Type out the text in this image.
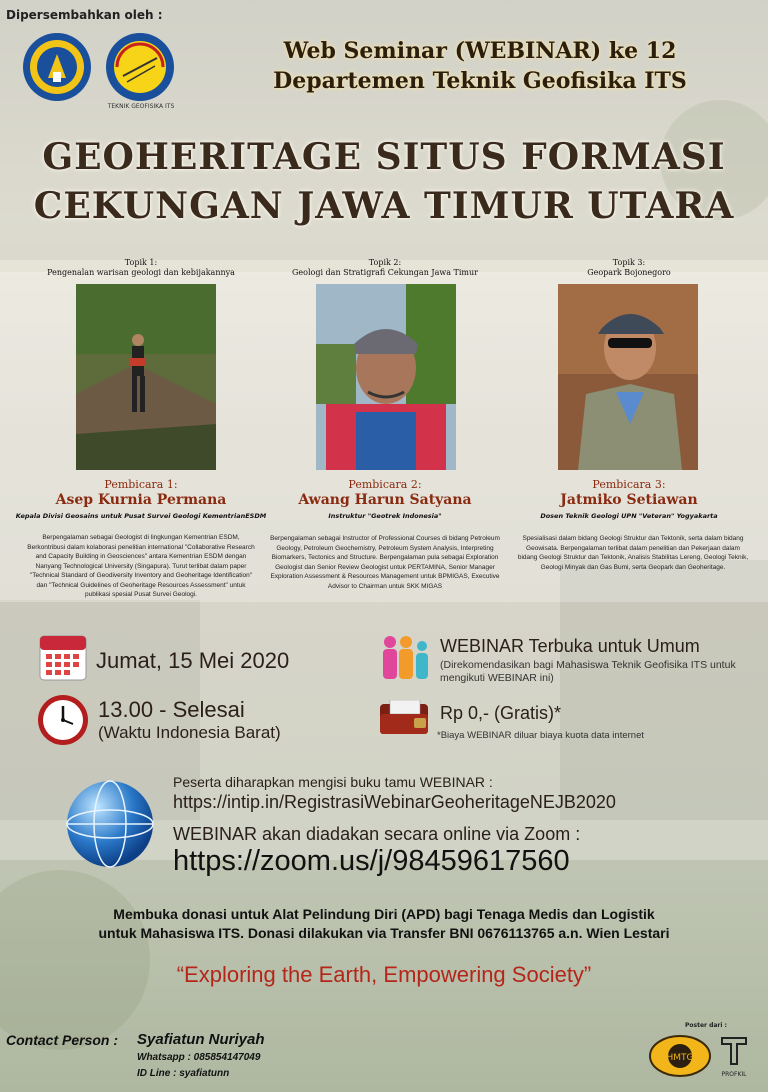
Dipersembahkan oleh :
TEKNIK GEOFISIKA ITS
Web Seminar (WEBINAR) ke 12
Departemen Teknik Geofisika ITS
GEOHERITAGE SITUS FORMASI
CEKUNGAN JAWA TIMUR UTARA
Topik 1:
Pengenalan warisan geologi dan kebijakannya
Pembicara 1:
Asep Kurnia Permana
Kepala Divisi Geosains untuk Pusat Survei Geologi KementrianESDM
Berpengalaman sebagai Geologist di lingkungan Kementrian ESDM, Berkontribusi dalam kolaborasi penelitian international "Collaborative Research and Capacity Building in Geosciences" antara Kementrian ESDM dengan Nanyang Technological University (Singapura). Turut terlibat dalam paper "Technical Standard of Geodiversity Inventory and Geoheritage Identification" dan "Technical Guidelines of Geoheritage Resources Assessment" untuk publikasi spesial Pusat Survei Geologi.
Topik 2:
Geologi dan Stratigrafi Cekungan Jawa Timur
Pembicara 2:
Awang Harun Satyana
Instruktur "Geotrek Indonesia"
Berpengalaman sebagai Instructor of Professional Courses di bidang Petroleum Geology, Petroleum Geochemistry, Petroleum System Analysis, Interpreting Biomarkers, Tectonics and Structure. Berpengalaman pula sebagai Exploration Geologist dan Senior Review Geologist untuk PERTAMINA, Senior Manager Exploration Assessment & Resources Management untuk BPMIGAS, Executive Advisor to Chairman untuk SKK MIGAS
Topik 3:
Geopark Bojonegoro
Pembicara 3:
Jatmiko Setiawan
Dosen Teknik Geologi UPN "Veteran" Yogyakarta
Spesialisasi dalam bidang Geologi Struktur dan Tektonik, serta dalam bidang Geowisata. Berpengalaman terlibat dalam penelitian dan Pekerjaan dalam bidang Geologi Struktur dan Tektonik, Analisis Stabilitas Lereng, Geologi Teknik, Geologi Minyak dan Gas Bumi, serta Geopark dan Geoheritage.
Jumat, 15 Mei 2020
13.00 - Selesai
(Waktu Indonesia Barat)
WEBINAR Terbuka untuk Umum
(Direkomendasikan bagi Mahasiswa Teknik Geofisika ITS untuk mengikuti WEBINAR ini)
Rp 0,- (Gratis)*
*Biaya WEBINAR diluar biaya kuota data internet
Peserta diharapkan mengisi buku tamu WEBINAR :
https://intip.in/RegistrasiWebinarGeoheritageNEJB2020
WEBINAR akan diadakan secara online via Zoom :
https://zoom.us/j/98459617560
Membuka donasi untuk Alat Pelindung Diri (APD) bagi Tenaga Medis dan Logistik
untuk Mahasiswa ITS. Donasi dilakukan via Transfer BNI 0676113765 a.n. Wien Lestari
“Exploring the Earth, Empowering Society”
Contact Person : Syafiatun Nuriyah
Whatsapp : 085854147049
ID Line : syafiatunn
Poster dari :
HMTG
PROFKIL
